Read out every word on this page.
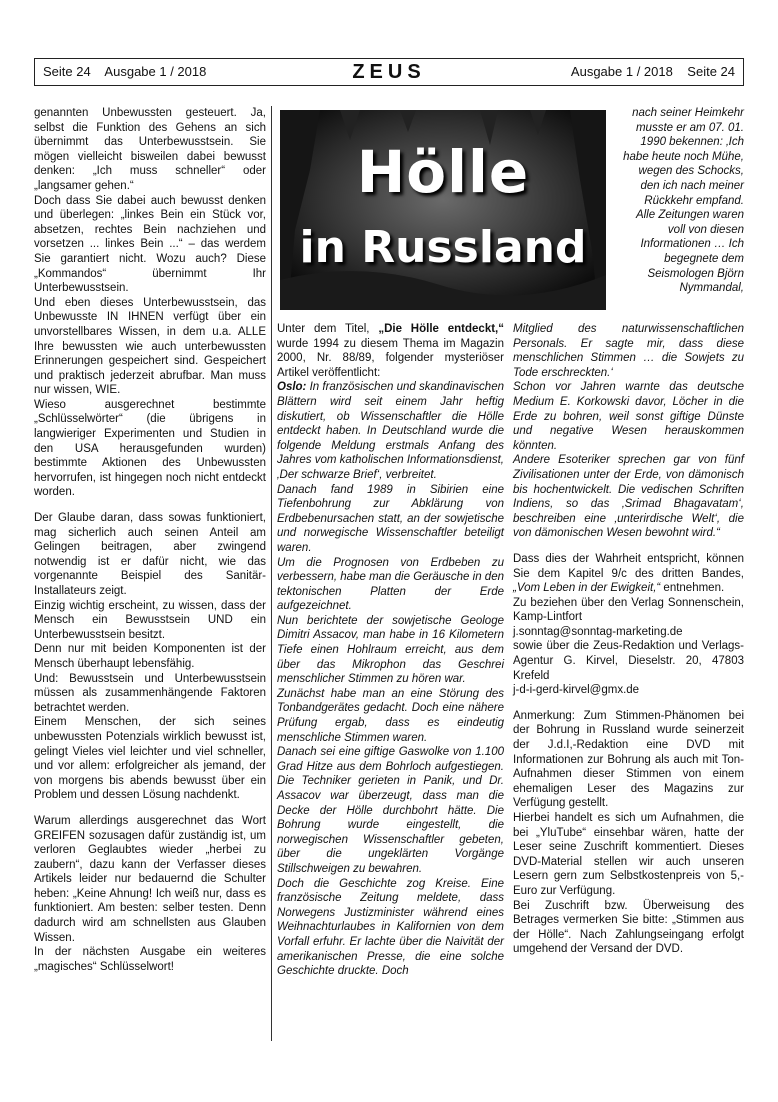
Seite 24    Ausgabe 1 / 2018	ZEUS	Ausgabe 1 / 2018    Seite 24

genannten Unbewussten gesteuert. Ja, selbst die Funktion des Gehens an sich übernimmt das Unterbewusstsein. Sie mögen vielleicht bisweilen dabei bewusst denken: „Ich muss schneller“ oder „langsamer gehen.“

Doch dass Sie dabei auch bewusst denken und überlegen: „linkes Bein ein Stück vor, absetzen, rechtes Bein nachziehen und vorsetzen ... linkes Bein ...“ – das werdem Sie garantiert nicht. Wozu auch? Diese „Kommandos“ übernimmt Ihr Unterbewusstsein.

Und eben dieses Unterbewusstsein, das Unbewusste IN IHNEN verfügt über ein unvorstellbares Wissen, in dem u.a. ALLE Ihre bewussten wie auch unterbewussten Erinnerungen gespeichert sind. Gespeichert und praktisch jederzeit abrufbar. Man muss nur wissen, WIE.

Wieso ausgerechnet bestimmte „Schlüsselwörter“ (die übrigens in langwieriger Experimenten und Studien in den USA herausgefunden wurden) bestimmte Aktionen des Unbewussten hervorrufen, ist hingegen noch nicht entdeckt worden.

Der Glaube daran, dass sowas funktioniert, mag sicherlich auch seinen Anteil am Gelingen beitragen, aber zwingend notwendig ist er dafür nicht, wie das vorgenannte Beispiel des Sanitär-Installateurs zeigt.

Einzig wichtig erscheint, zu wissen, dass der Mensch ein Bewusstsein UND ein Unterbewusstsein besitzt.

Denn nur mit beiden Komponenten ist der Mensch überhaupt lebensfähig.

Und: Bewusstsein und Unterbewusstsein müssen als zusammenhängende Faktoren betrachtet werden.

Einem Menschen, der sich seines unbewussten Potenzials wirklich bewusst ist, gelingt Vieles viel leichter und viel schneller, und vor allem: erfolgreicher als jemand, der von morgens bis abends bewusst über ein Problem und dessen Lösung nachdenkt.

Warum allerdings ausgerechnet das Wort GREIFEN sozusagen dafür zuständig ist, um verloren Geglaubtes wieder „herbei zu zaubern“, dazu kann der Verfasser dieses Artikels leider nur bedauernd die Schulter heben: „Keine Ahnung! Ich weiß nur, dass es funktioniert. Am besten: selber testen. Denn dadurch wird am schnellsten aus Glauben Wissen.

In der nächsten Ausgabe ein weiteres „magisches“ Schlüsselwort!

Hölle
in Russland

nach seiner Heimkehr musste er am 07. 01. 1990 bekennen: ‚Ich habe heute noch Mühe, wegen des Schocks, den ich nach meiner Rückkehr empfand.

Alle Zeitungen waren voll von diesen Informationen … Ich begegnete dem Seismologen Björn Nymmandal,

Unter dem Titel, „Die Hölle entdeckt,“ wurde 1994 zu diesem Thema im Magazin 2000, Nr. 88/89, folgender mysteriöser Artikel veröffentlicht:

Oslo: In französischen und skandinavischen Blättern wird seit einem Jahr heftig diskutiert, ob Wissenschaftler die Hölle entdeckt haben. In Deutschland wurde die folgende Meldung erstmals Anfang des Jahres vom katholischen Informationsdienst, ‚Der schwarze Brief‘, verbreitet.

Danach fand 1989 in Sibirien eine Tiefenbohrung zur Abklärung von Erdbebenursachen statt, an der sowjetische und norwegische Wissenschaftler beteiligt waren.

Um die Prognosen von Erdbeben zu verbessern, habe man die Geräusche in den tektonischen Platten der Erde aufgezeichnet.

Nun berichtete der sowjetische Geologe Dimitri Assacov, man habe in 16 Kilometern Tiefe einen Hohlraum erreicht, aus dem über das Mikrophon das Geschrei menschlicher Stimmen zu hören war.

Zunächst habe man an eine Störung des Tonbandgerätes gedacht. Doch eine nähere Prüfung ergab, dass es eindeutig menschliche Stimmen waren.

Danach sei eine giftige Gaswolke von 1.100 Grad Hitze aus dem Bohrloch aufgestiegen. Die Techniker gerieten in Panik, und Dr. Assacov war überzeugt, dass man die Decke der Hölle durchbohrt hätte. Die Bohrung wurde eingestellt, die norwegischen Wissenschaftler gebeten, über die ungeklärten Vorgänge Stillschweigen zu bewahren.

Doch die Geschichte zog Kreise. Eine französische Zeitung meldete, dass Norwegens Justizminister während eines Weihnachturlaubes in Kalifornien von dem Vorfall erfuhr. Er lachte über die Naivität der amerikanischen Presse, die eine solche Geschichte druckte. Doch

Mitglied des naturwissenschaftlichen Personals. Er sagte mir, dass diese menschlichen Stimmen … die Sowjets zu Tode erschreckten.‘

Schon vor Jahren warnte das deutsche Medium E. Korkowski davor, Löcher in die Erde zu bohren, weil sonst giftige Dünste und negative Wesen herauskommen könnten.

Andere Esoteriker sprechen gar von fünf Zivilisationen unter der Erde, von dämonisch bis hochentwickelt. Die vedischen Schriften Indiens, so das ‚Srimad Bhagavatam‘, beschreiben eine ‚unterirdische Welt‘, die von dämonischen Wesen bewohnt wird.“

Dass dies der Wahrheit entspricht, können Sie dem Kapitel 9/c des dritten Bandes, „Vom Leben in der Ewigkeit,“ entnehmen.

Zu beziehen über den Verlag Sonnenschein, Kamp-Lintfort

j.sonntag@sonntag-marketing.de

sowie über die Zeus-Redaktion und Verlags-Agentur G. Kirvel, Dieselstr. 20, 47803 Krefeld

j-d-i-gerd-kirvel@gmx.de

Anmerkung: Zum Stimmen-Phänomen bei der Bohrung in Russland wurde seinerzeit der J.d.I,-Redaktion eine DVD mit Informationen zur Bohrung als auch mit Ton-Aufnahmen dieser Stimmen von einem ehemaligen Leser des Magazins zur Verfügung gestellt.

Hierbei handelt es sich um Aufnahmen, die bei „YluTube“ einsehbar wären, hatte der Leser seine Zuschrift kommentiert. Dieses DVD-Material stellen wir auch unseren Lesern gern zum Selbstkostenpreis von 5,- Euro zur Verfügung.

Bei Zuschrift bzw. Überweisung des Betrages vermerken Sie bitte: „Stimmen aus der Hölle“. Nach Zahlungseingang erfolgt umgehend der Versand der DVD.
